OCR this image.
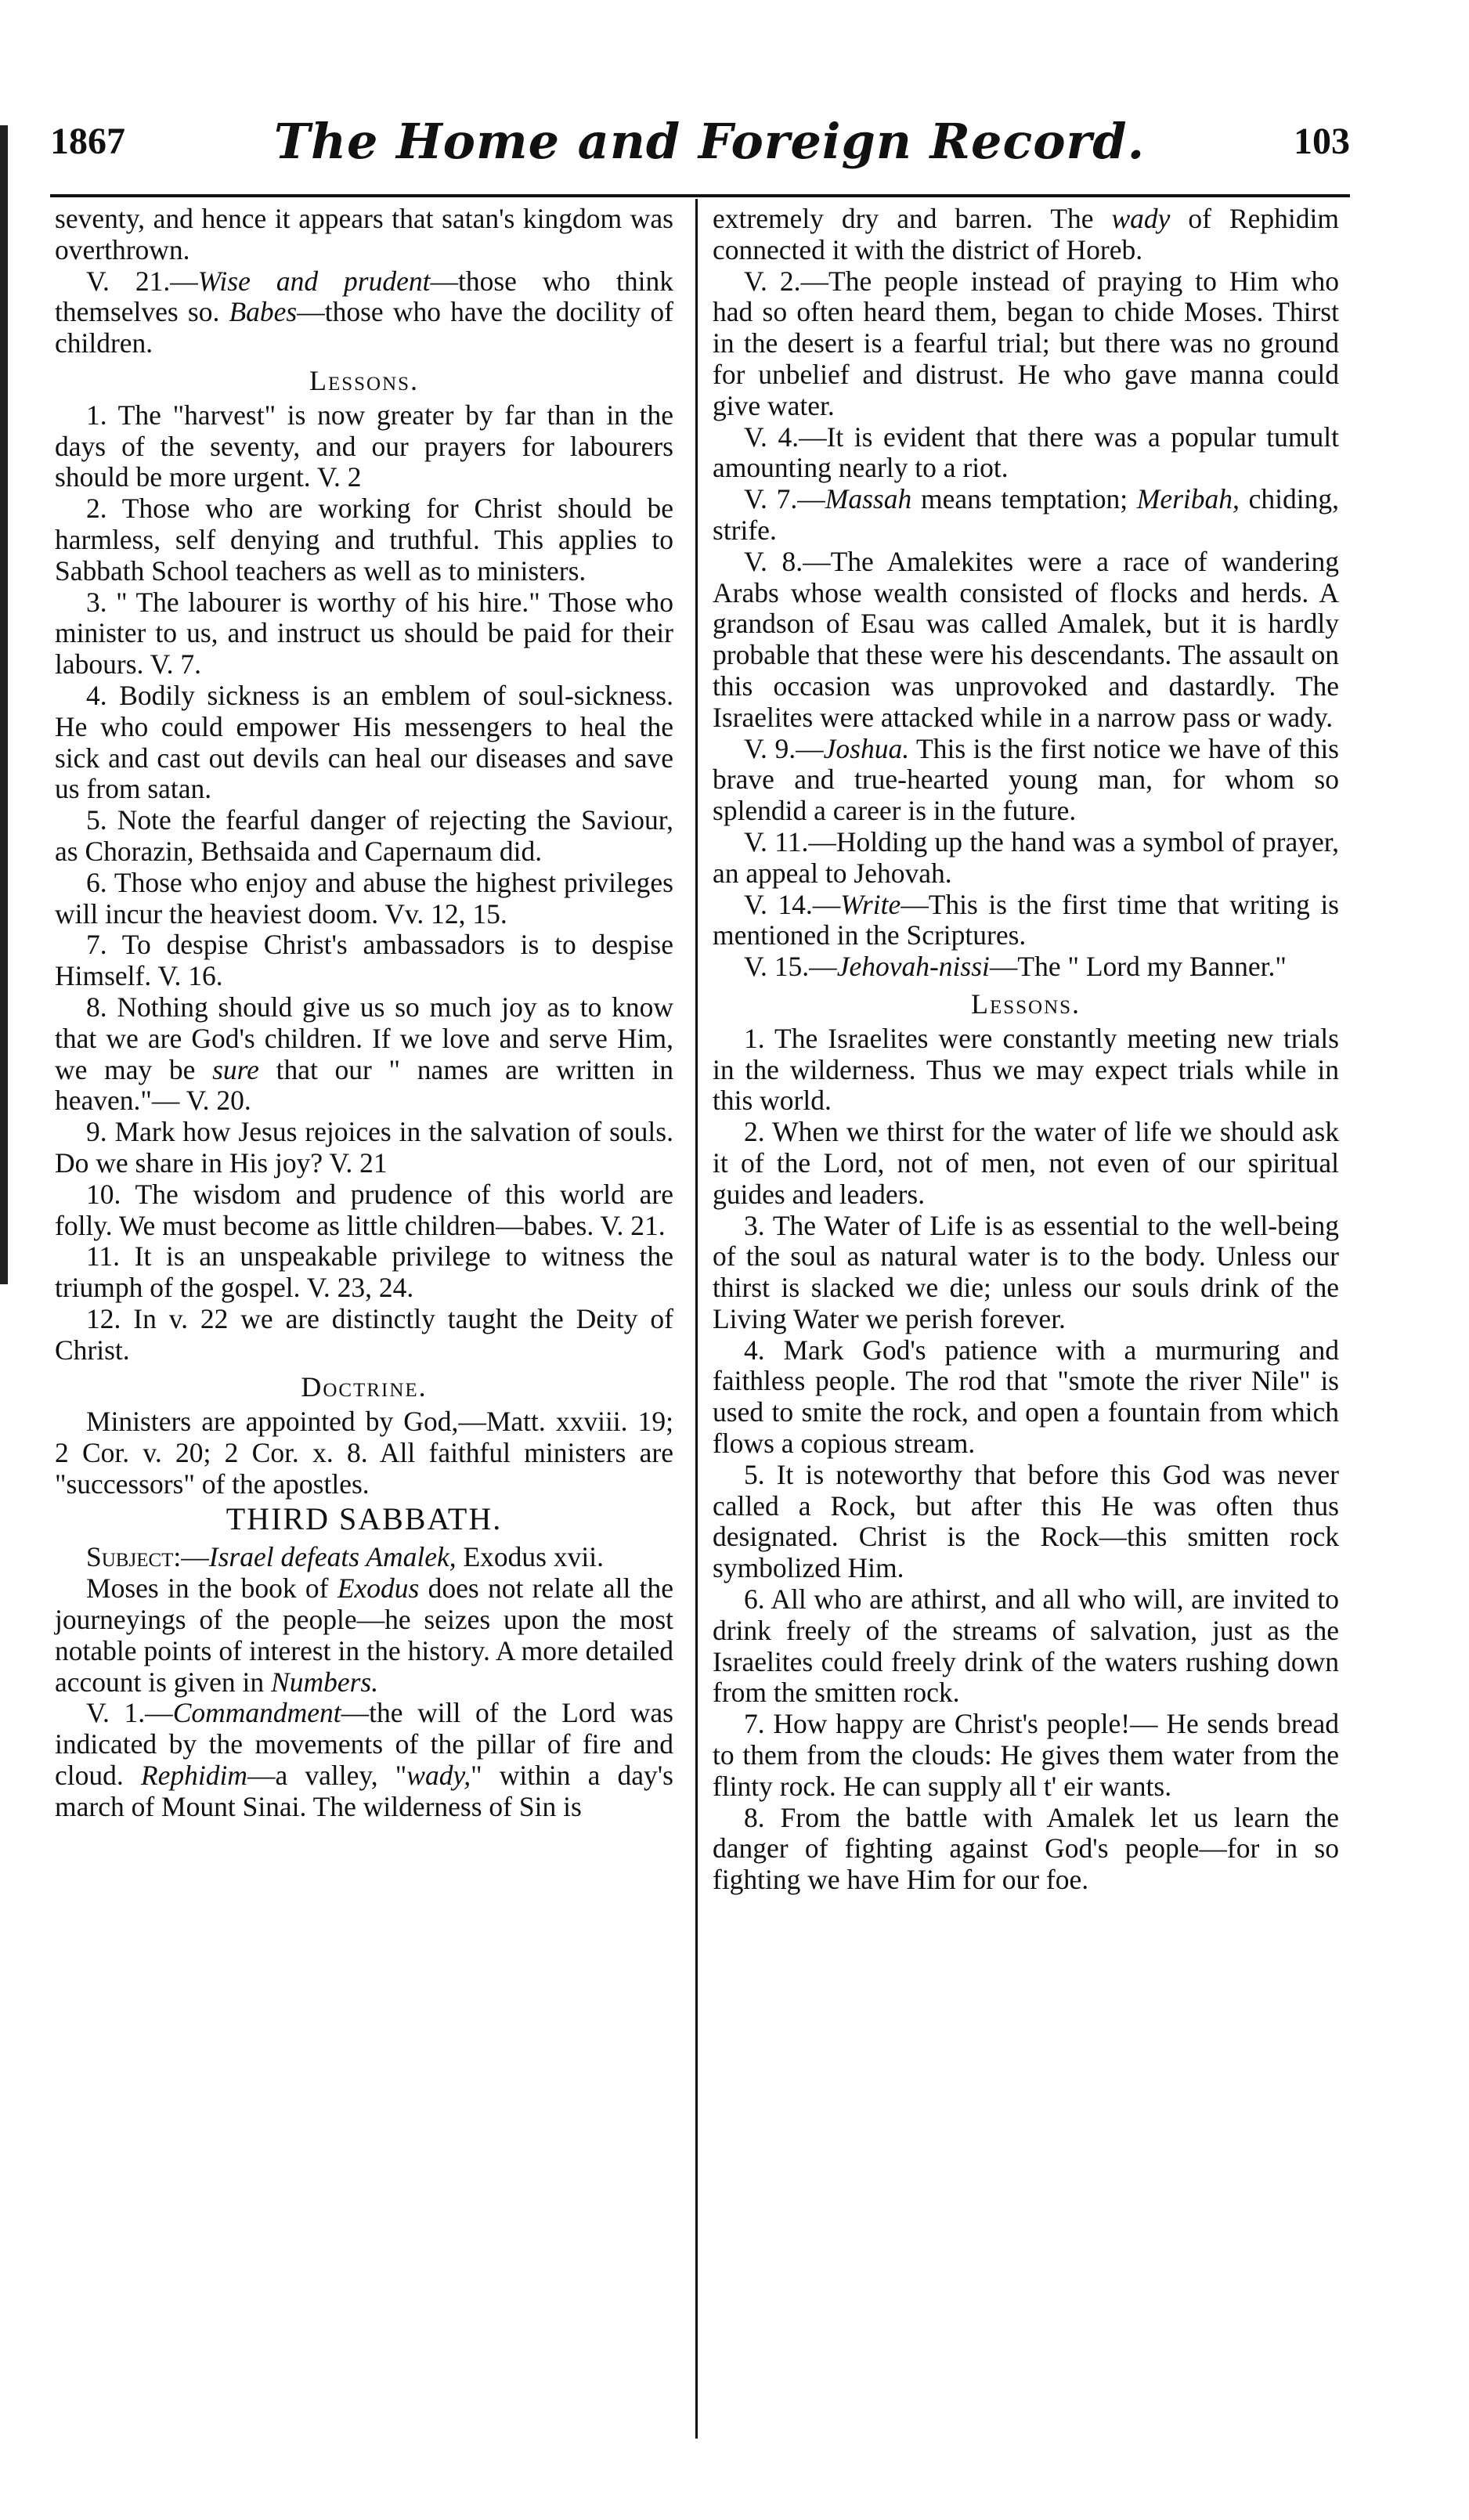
1867	The Home and Foreign Record.	103

seventy, and hence it appears that satan's kingdom was overthrown.

V. 21.—Wise and prudent—those who think themselves so. Babes—those who have the docility of children.

Lessons.

1. The "harvest" is now greater by far than in the days of the seventy, and our prayers for labourers should be more urgent. V. 2

2. Those who are working for Christ should be harmless, self denying and truthful. This applies to Sabbath School teachers as well as to ministers.

3. " The labourer is worthy of his hire." Those who minister to us, and instruct us should be paid for their labours. V. 7.

4. Bodily sickness is an emblem of soul-sickness. He who could empower His messengers to heal the sick and cast out devils can heal our diseases and save us from satan.

5. Note the fearful danger of rejecting the Saviour, as Chorazin, Bethsaida and Capernaum did.

6. Those who enjoy and abuse the highest privileges will incur the heaviest doom. Vv. 12, 15.

7. To despise Christ's ambassadors is to despise Himself. V. 16.

8. Nothing should give us so much joy as to know that we are God's children. If we love and serve Him, we may be sure that our " names are written in heaven."— V. 20.

9. Mark how Jesus rejoices in the salvation of souls. Do we share in His joy? V. 21

10. The wisdom and prudence of this world are folly. We must become as little children—babes. V. 21.

11. It is an unspeakable privilege to witness the triumph of the gospel. V. 23, 24.

12. In v. 22 we are distinctly taught the Deity of Christ.

Doctrine.

Ministers are appointed by God,—Matt. xxviii. 19; 2 Cor. v. 20; 2 Cor. x. 8. All faithful ministers are "successors" of the apostles.

THIRD SABBATH.

Subject:—Israel defeats Amalek, Exodus xvii.

Moses in the book of Exodus does not relate all the journeyings of the people—he seizes upon the most notable points of interest in the history. A more detailed account is given in Numbers.

V. 1.—Commandment—the will of the Lord was indicated by the movements of the pillar of fire and cloud. Rephidim—a valley, "wady," within a day's march of Mount Sinai. The wilderness of Sin is

extremely dry and barren. The wady of Rephidim connected it with the district of Horeb.

V. 2.—The people instead of praying to Him who had so often heard them, began to chide Moses. Thirst in the desert is a fearful trial; but there was no ground for unbelief and distrust. He who gave manna could give water.

V. 4.—It is evident that there was a popular tumult amounting nearly to a riot.

V. 7.—Massah means temptation; Meribah, chiding, strife.

V. 8.—The Amalekites were a race of wandering Arabs whose wealth consisted of flocks and herds. A grandson of Esau was called Amalek, but it is hardly probable that these were his descendants. The assault on this occasion was unprovoked and dastardly. The Israelites were attacked while in a narrow pass or wady.

V. 9.—Joshua. This is the first notice we have of this brave and true-hearted young man, for whom so splendid a career is in the future.

V. 11.—Holding up the hand was a symbol of prayer, an appeal to Jehovah.

V. 14.—Write—This is the first time that writing is mentioned in the Scriptures.

V. 15.—Jehovah-nissi—The " Lord my Banner."

Lessons.

1. The Israelites were constantly meeting new trials in the wilderness. Thus we may expect trials while in this world.

2. When we thirst for the water of life we should ask it of the Lord, not of men, not even of our spiritual guides and leaders.

3. The Water of Life is as essential to the well-being of the soul as natural water is to the body. Unless our thirst is slacked we die; unless our souls drink of the Living Water we perish forever.

4. Mark God's patience with a murmuring and faithless people. The rod that "smote the river Nile" is used to smite the rock, and open a fountain from which flows a copious stream.

5. It is noteworthy that before this God was never called a Rock, but after this He was often thus designated. Christ is the Rock—this smitten rock symbolized Him.

6. All who are athirst, and all who will, are invited to drink freely of the streams of salvation, just as the Israelites could freely drink of the waters rushing down from the smitten rock.

7. How happy are Christ's people!— He sends bread to them from the clouds: He gives them water from the flinty rock. He can supply all t' eir wants.

8. From the battle with Amalek let us learn the danger of fighting against God's people—for in so fighting we have Him for our foe.
